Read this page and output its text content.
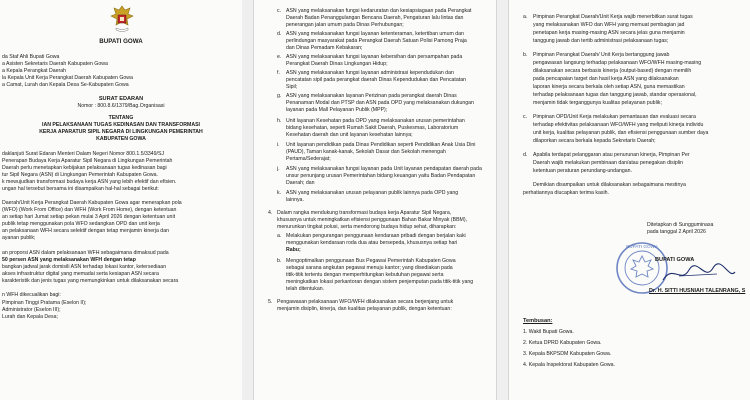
BUPATI GOWA
da Staf Ahli Bupati Gowa
a Asisten Sekretaris Daerah Kabupaten Gowa
a Kepala Perangkat Daerah
la Kepala Unit Kerja Perangkat Daerah Kabupaten Gowa
a Camat, Lurah dan Kepala Desa Se-Kabupaten Gowa
SURAT EDARAN
Nomor : 800.8.6/1379/Bag.Organisasi
TENTANG
IAN PELAKSANAAN TUGAS KEDINASAN DAN TRANSFORMASI
KERJA APARATUR SIPIL NEGARA DI LINGKUNGAN PEMERINTAH
KABUPATEN GOWA
daklanjuti Surat Edaran Menteri Dalam Negeri Nomor 800.1.5/3349/SJ
Penerapan Budaya Kerja Aparatur Sipil Negara di Lingkungan Pemerintah
Daerah perlu menetapkan kebijakan pelaksanaan tugas kedinasan bagi
tur Sipil Negara (ASN) di Lingkungan Pemerintah Kabupaten Gowa.
k mewujudkan transformasi budaya kerja ASN yang lebih efektif dan efisien.
ungan hal tersebut bersama ini disampaikan hal-hal sebagai berikut:
Daerah/Unit Kerja Perangkat Daerah Kabupaten Gowa agar menerapkan pola
(WFO) (Work From Office) dan WFH (Work From Home), dengan ketentuan
an setiap hari Jumat setiap pekan mulai 3 April 2026 dengan ketentuan unit
publik tetap menggunakan pola WFO sedangkan OPD dan unit kerja
an pelaksanaan WFH secara selektif dengan tetap menjamin kinerja dan
ayanan publik;
an proporsi ASN dalam pelaksanaan WFH sebagaimana dimaksud pada
50 persen ASN yang melaksanakan WFH dengan tetap
bangkan jadwal jarak domisili ASN terhadap lokasi kantor, ketersediaan
akses infrastruktur digital yang memadai serta kesiapan ASN secara
karakteristik dan jenis tugas yang memungkinkan untuk dilaksanakan secara
n WFH dikecualikan bagi:
Pimpinan Tinggi Pratama (Eselon II);
Administrator (Eselon III);
Lurah dan Kepala Desa;
c. ASN yang melaksanakan fungsi kedaruratan dan kesiapsiagaan pada Perangkat
Daerah Badan Penanggulangan Bencana Daerah, Pengaturan lalu lintas dan
penerangan jalan umum pada Dinas Perhubungan;
d. ASN yang melaksanakan fungsi layanan ketenteraman, ketertiban umum dan
perlindungan masyarakat pada Perangkat Daerah Satuan Polisi Pamong Praja
dan Dinas Pemadam Kebakaran;
e. ASN yang melaksanakan fungsi layanan kebersihan dan persampahan pada
Perangkat Daerah Dinas Lingkungan Hidup;
f. ASN yang melaksanakan fungsi layanan administrasi kependudukan dan
pencatatan sipil pada perangkat daerah Dinas Kependudukan dan Pencatatan
Sipil;
g. ASN yang melaksanakan layanan Perizinan pada perangkat daerah Dinas
Penanaman Modal dan PTSP dan ASN pada OPD yang melaksanakan dukungan
layanan pada Mall Pelayanan Publik (MPP);
h. Unit layanan Kesehatan pada OPD yang melaksanakan urusan pemerintahan
bidang kesehatan, seperti Rumah Sakit Daerah, Puskesmas, Laboratorium
Kesehatan daerah dan unit layanan kesehatan lainnya;
i. Unit layanan pendidikan pada Dinas Pendidikan seperti Pendidikan Anak Usia Dini
(PAUD), Taman kanak-kanak, Sekolah Dasar dan Sekolah menengah
Pertama/Sederajat;
j. ASN yang melaksanakan fungsi layanan pada Unit layanan pendapatan daerah pada
unsur penunjang urusan Pemerintahan bidang keuangan yaitu Badan Pendapatan
Daerah; dan
k. ASN yang melaksanakan urusan pelayanan publik lainnya pada OPD yang
lainnya.
4. Dalam rangka mendukung transformasi budaya kerja Aparatur Sipil Negara,
khususnya untuk meningkatkan efisiensi penggunaan Bahan Bakar Minyak (BBM),
menurunkan tingkat polusi, serta mendorong budaya hidup sehat, diharapkan:
a. Melakukan pengurangan penggunaan kendaraan pribadi dengan berjalan kaki
menggunakan kendaraan roda dua atau bersepeda, khususnya setiap hari
Rabu;
b. Mengoptimalkan penggunaan Bus Pegawai Pemerintah Kabupaten Gowa
sebagai sarana angkutan pegawai menuju kantor; yang disediakan pada
titik-titik tertentu dengan memperhitungkan kebutuhan pegawai serta
meningkatkan lokasi perkantoran dengan sistem penjemputan pada titik-titik yang
telah ditentukan.
5. Pengawasan pelaksanaan WFO/WFH dilaksanakan secara berjenjang untuk
menjamin disiplin, kinerja, dan kualitas pelayanan publik, dengan ketentuan:
a. Pimpinan Perangkat Daerah/Unit Kerja wajib menerbitkan surat tugas
yang melaksanakan WFO dan WFH yang memuat pembagian jad
penetapan kerja masing-masing ASN secara jelas guna menjamin
tanggung jawab dan tertib administrasi pelaksanaan tugas;
b. Pimpinan Perangkat Daerah/ Unit Kerja bertanggung jawab
pengawasan langsung terhadap pelaksanaan WFO/WFH masing-masing
dilaksanakan secara berbasis kinerja (output-based) dengan memilih
pada pencapaian target dan hasil kerja ASN yang dilaksanakan
laporan kinerja secara berkala oleh setiap ASN, guna memastikan
terhadap pelaksanaan tugas dan tanggung jawab, standar operasional,
menjamin tidak terganggunya kualitas pelayanan publik;
c. Pimpinan OPD/Unit Kerja melakukan pemantauan dan evaluasi secara
terhadap efektivitas pelaksanaan WFO/WFH yang meliputi kinerja individu
unit kerja, kualitas pelayanan publik, dan efisiensi penggunaan sumber daya
dilaporkan secara berkala kepada Sekretaris Daerah;
d. Apabila terdapat pelanggaran atau penurunan kinerja, Pimpinan Per
Daerah wajib melakukan pembinaan dan/atau penegakan disiplin
ketentuan peraturan perundang-undangan.
Demikian disampaikan untuk dilaksanakan sebagaimana mestinya
perhatiannya diucapkan terima kasih.
Ditetapkan di Sungguminasa
pada tanggal 2 April 2026
BUPATI GOWA
BUPATI GOWA
Dr. H. SITTI HUSNIAH TALENRANG, S
Tembusan:
1. Wakil Bupati Gowa.
2. Ketua DPRD Kabupaten Gowa.
3. Kepala BKPSDM Kabupaten Gowa.
4. Kepala Inspektorat Kabupaten Gowa.
